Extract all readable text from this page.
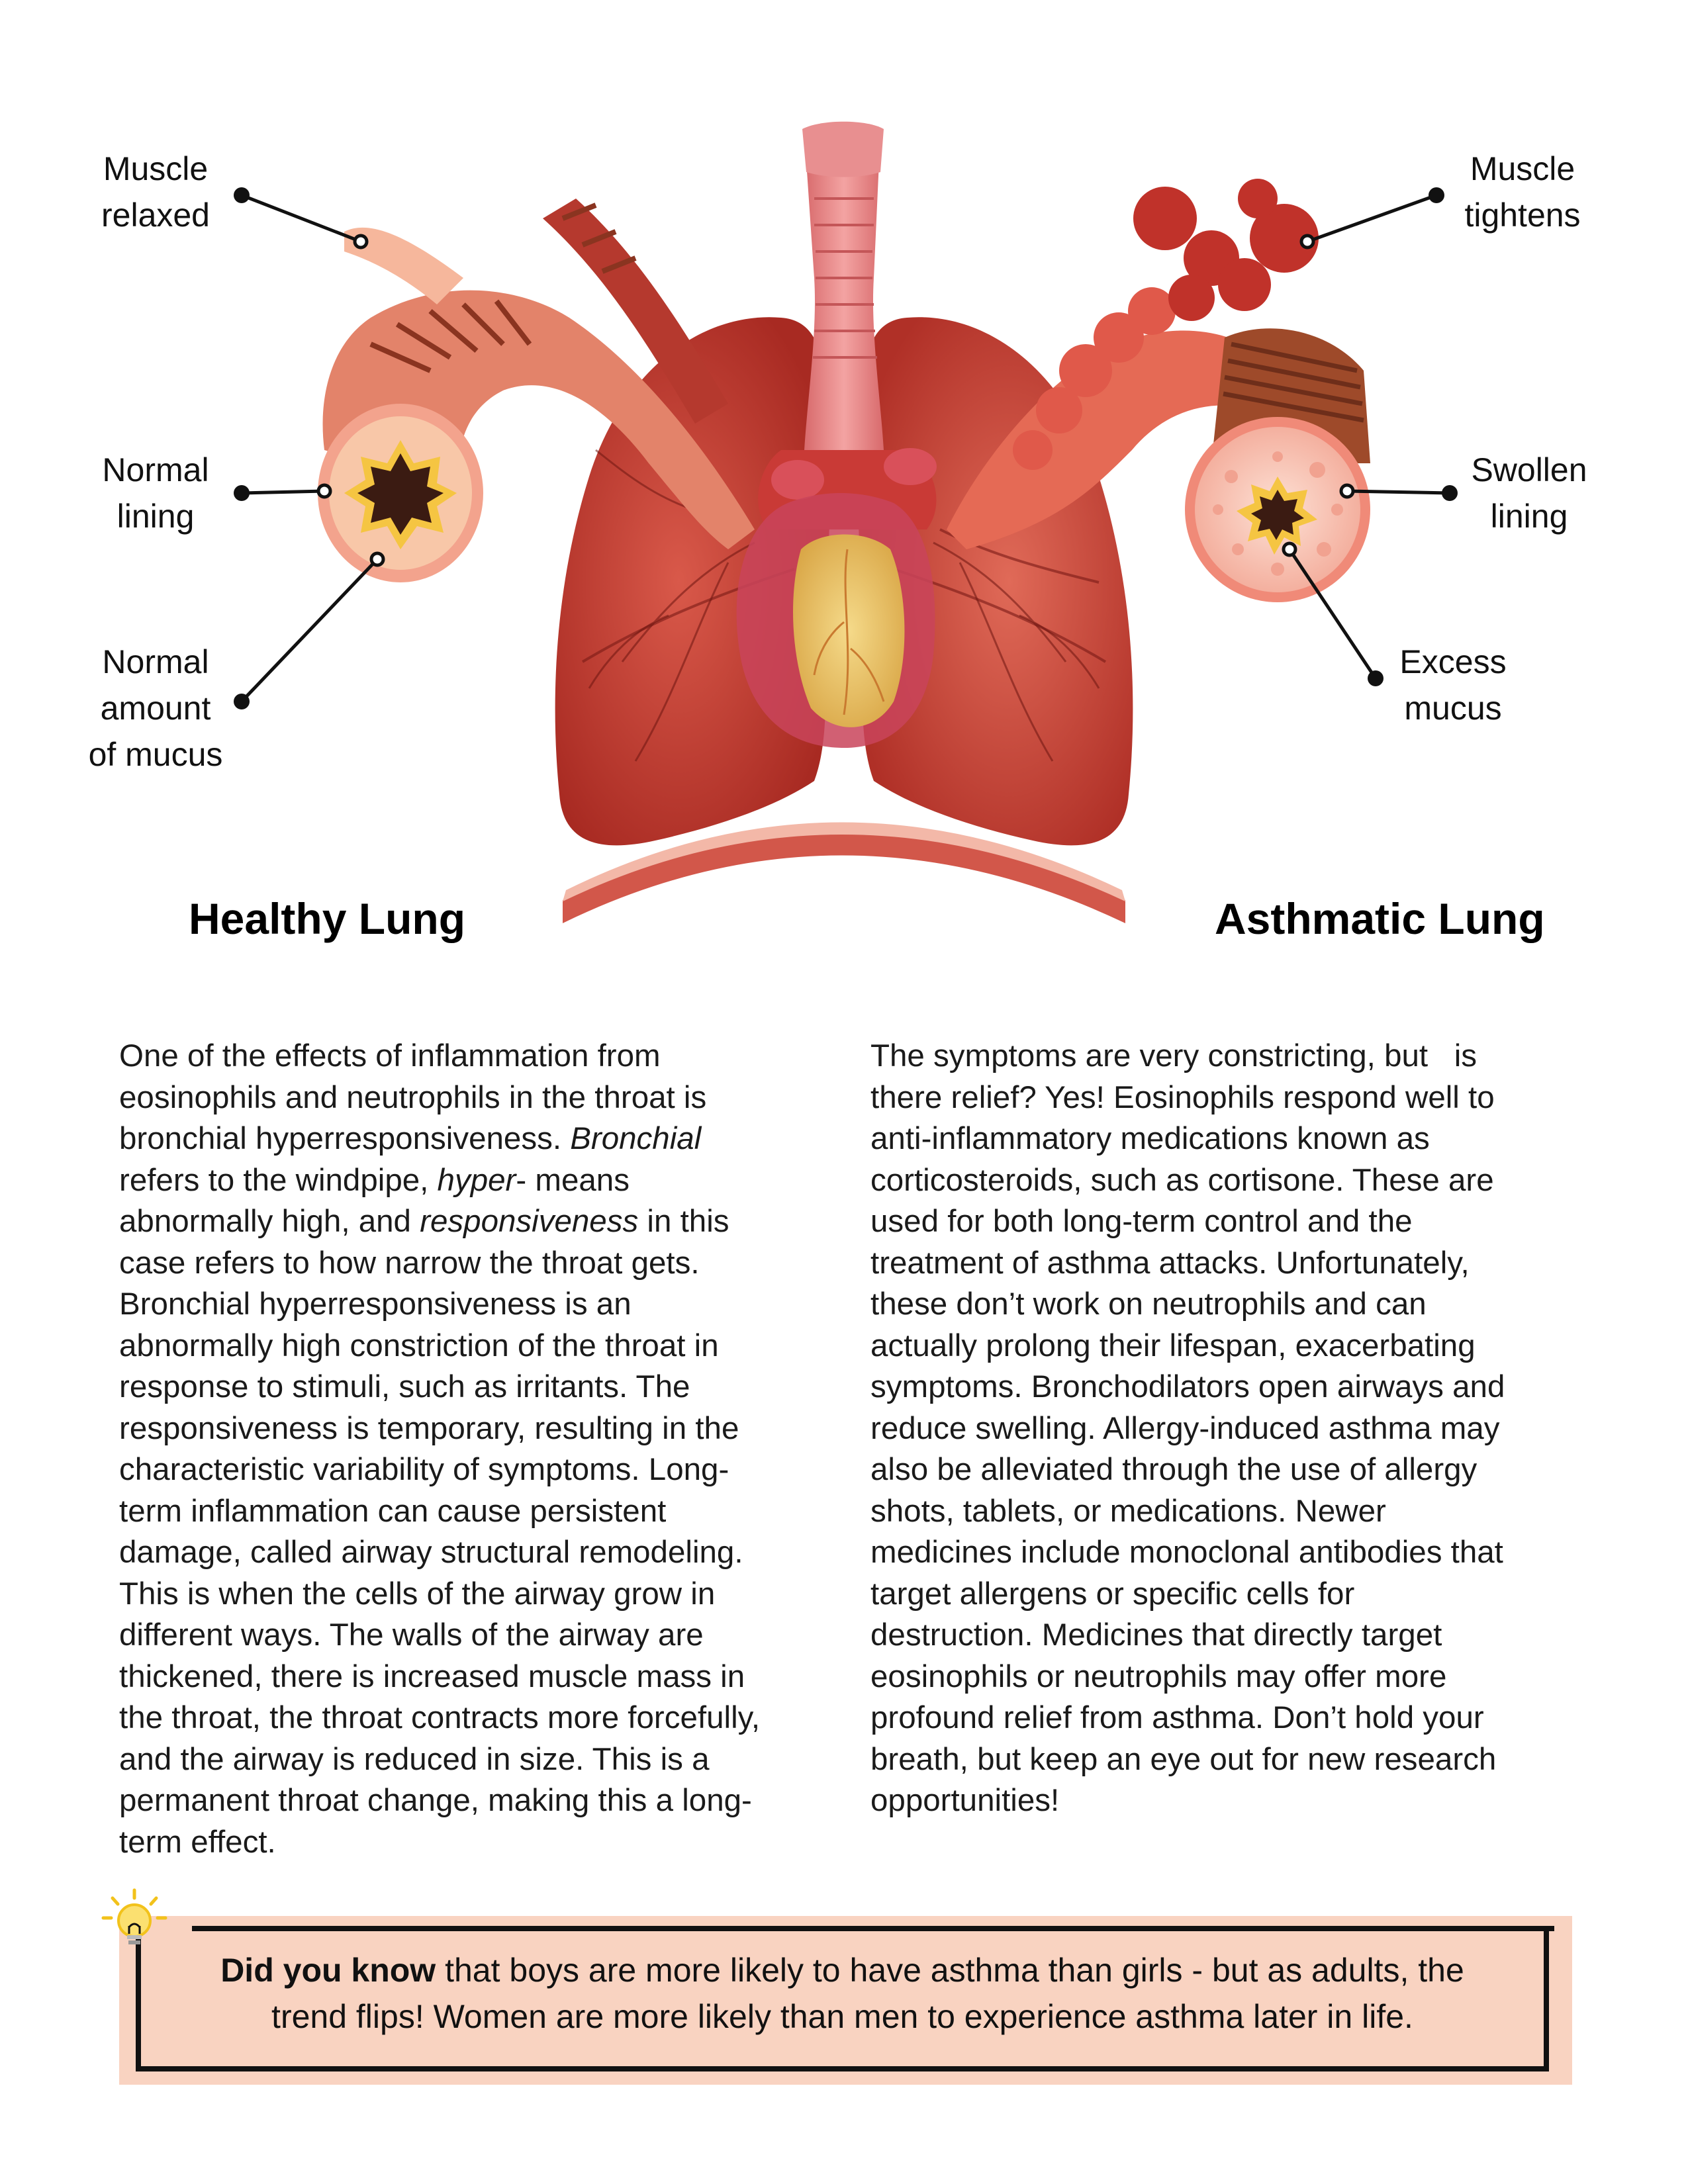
Muscle
relaxed
Normal
lining
Normal
amount
of mucus
Muscle
tightens
Swollen
lining
Excess
mucus
Healthy Lung	Asthmatic Lung
One of the effects of inflammation from
eosinophils and neutrophils in the throat is
bronchial hyperresponsiveness. Bronchial
refers to the windpipe, hyper- means
abnormally high, and responsiveness in this
case refers to how narrow the throat gets.
Bronchial hyperresponsiveness is an
abnormally high constriction of the throat in
response to stimuli, such as irritants. The
responsiveness is temporary, resulting in the
characteristic variability of symptoms. Long-
term inflammation can cause persistent
damage, called airway structural remodeling.
This is when the cells of the airway grow in
different ways. The walls of the airway are
thickened, there is increased muscle mass in
the throat, the throat contracts more forcefully,
and the airway is reduced in size. This is a
permanent throat change, making this a long-
term effect.
The symptoms are very constricting, but   is
there relief? Yes! Eosinophils respond well to
anti-inflammatory medications known as
corticosteroids, such as cortisone. These are
used for both long-term control and the
treatment of asthma attacks. Unfortunately,
these don’t work on neutrophils and can
actually prolong their lifespan, exacerbating
symptoms. Bronchodilators open airways and
reduce swelling. Allergy-induced asthma may
also be alleviated through the use of allergy
shots, tablets, or medications. Newer
medicines include monoclonal antibodies that
target allergens or specific cells for
destruction. Medicines that directly target
eosinophils or neutrophils may offer more
profound relief from asthma. Don’t hold your
breath, but keep an eye out for new research
opportunities!
Did you know that boys are more likely to have asthma than girls - but as adults, the
trend flips! Women are more likely than men to experience asthma later in life.
